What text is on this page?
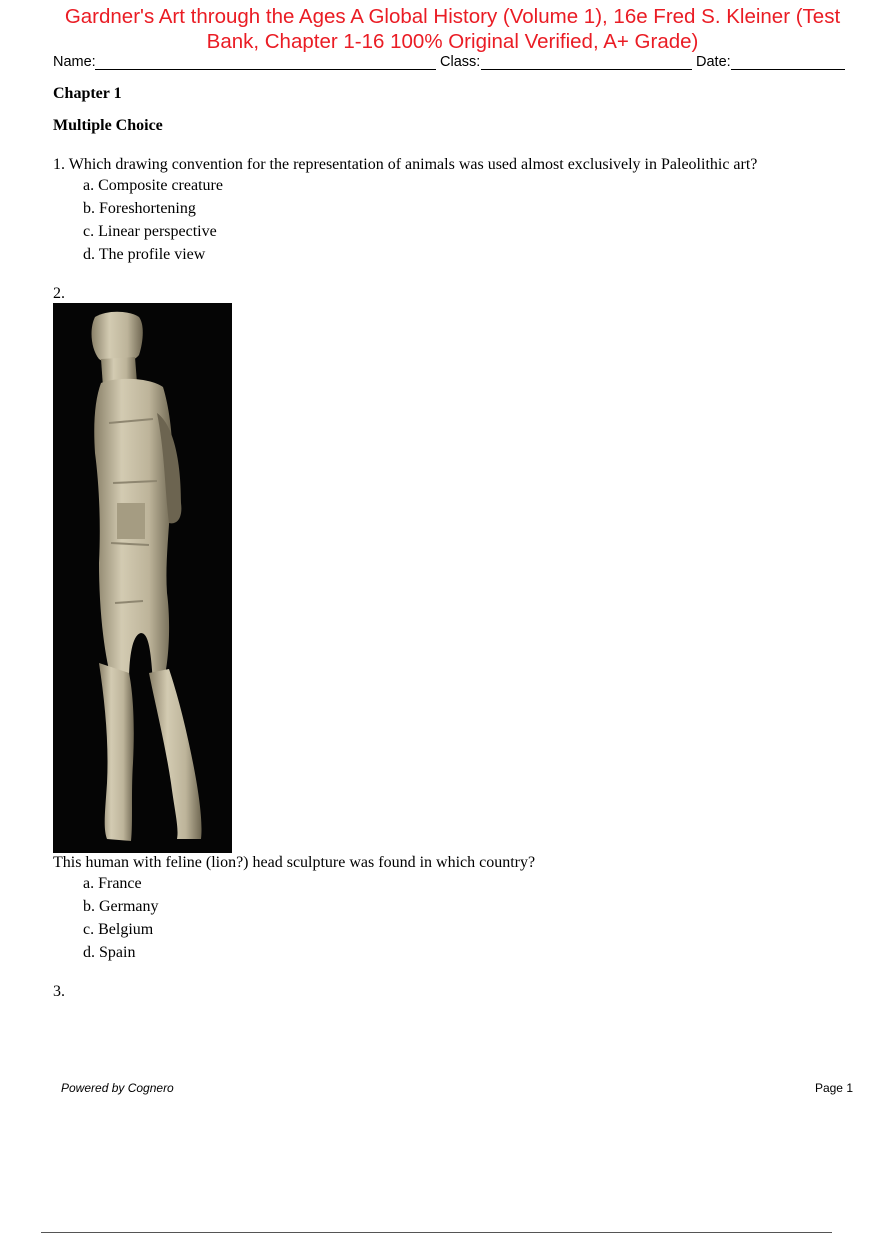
Gardner's Art through the Ages A Global History (Volume 1), 16e Fred S. Kleiner (Test
Bank, Chapter 1-16 100% Original Verified, A+ Grade)
Name:	Class:	Date:
Chapter 1
Multiple Choice
1. Which drawing convention for the representation of animals was used almost exclusively in Paleolithic art?
a. Composite creature
b. Foreshortening
c. Linear perspective
d. The profile view
2.
This human with feline (lion?) head sculpture was found in which country?
a. France
b. Germany
c. Belgium
d. Spain
3.
Powered by Cognero	Page 1
